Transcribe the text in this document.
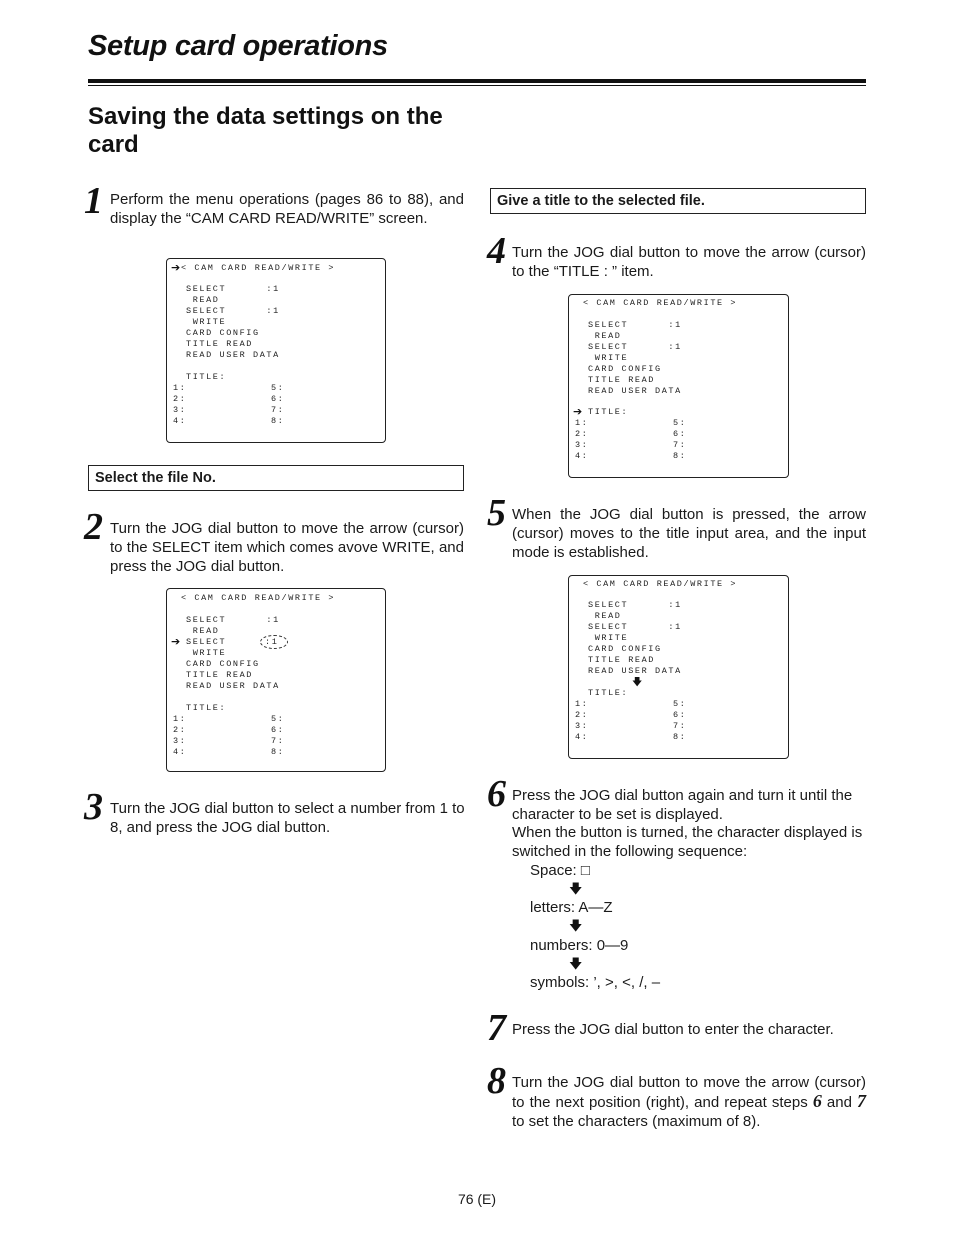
Setup card operations
Saving the data settings on the card
1 Perform the menu operations (pages 86 to 88), and display the “CAM CARD READ/WRITE” screen.
➔ < CAM CARD READ/WRITE >
SELECT      :1
READ
SELECT      :1
WRITE
CARD CONFIG
TITLE READ
READ USER DATA
TITLE:
1:
2:
3:
4:
5:
6:
7:
8:
Select the file No.
2 Turn the JOG dial button to move the arrow (cursor) to the SELECT item which comes avove WRITE, and press the JOG dial button.
< CAM CARD READ/WRITE >
SELECT      :1
READ
➔ SELECT
WRITE
:1
CARD CONFIG
TITLE READ
READ USER DATA
TITLE:
1:
2:
3:
4:
5:
6:
7:
8:
3 Turn the JOG dial button to select a number from 1 to 8, and press the JOG dial button.
Give a title to the selected file.
4 Turn the JOG dial button to move the arrow (cursor) to the “TITLE : ” item.
< CAM CARD READ/WRITE >
SELECT      :1
READ
SELECT      :1
WRITE
CARD CONFIG
TITLE READ
READ USER DATA
➔ TITLE:
1:
2:
3:
4:
5:
6:
7:
8:
5 When the JOG dial button is pressed, the arrow (cursor) moves to the title input area, and the input mode is established.
< CAM CARD READ/WRITE >
SELECT      :1
READ
SELECT      :1
WRITE
CARD CONFIG
TITLE READ
READ USER DATA
🡇
TITLE:
1:
2:
3:
4:
5:
6:
7:
8:
6 Press the JOG dial button again and turn it until the character to be set is displayed.
When the button is turned, the character displayed is switched in the following sequence:
Space: □
🡇
letters: A—Z
🡇
numbers: 0—9
🡇
symbols: ’, >, <, /, –
7 Press the JOG dial button to enter the character.
8 Turn the JOG dial button to move the arrow (cursor) to the next position (right), and repeat steps 6 and 7 to set the characters (maximum of 8).
76 (E)
